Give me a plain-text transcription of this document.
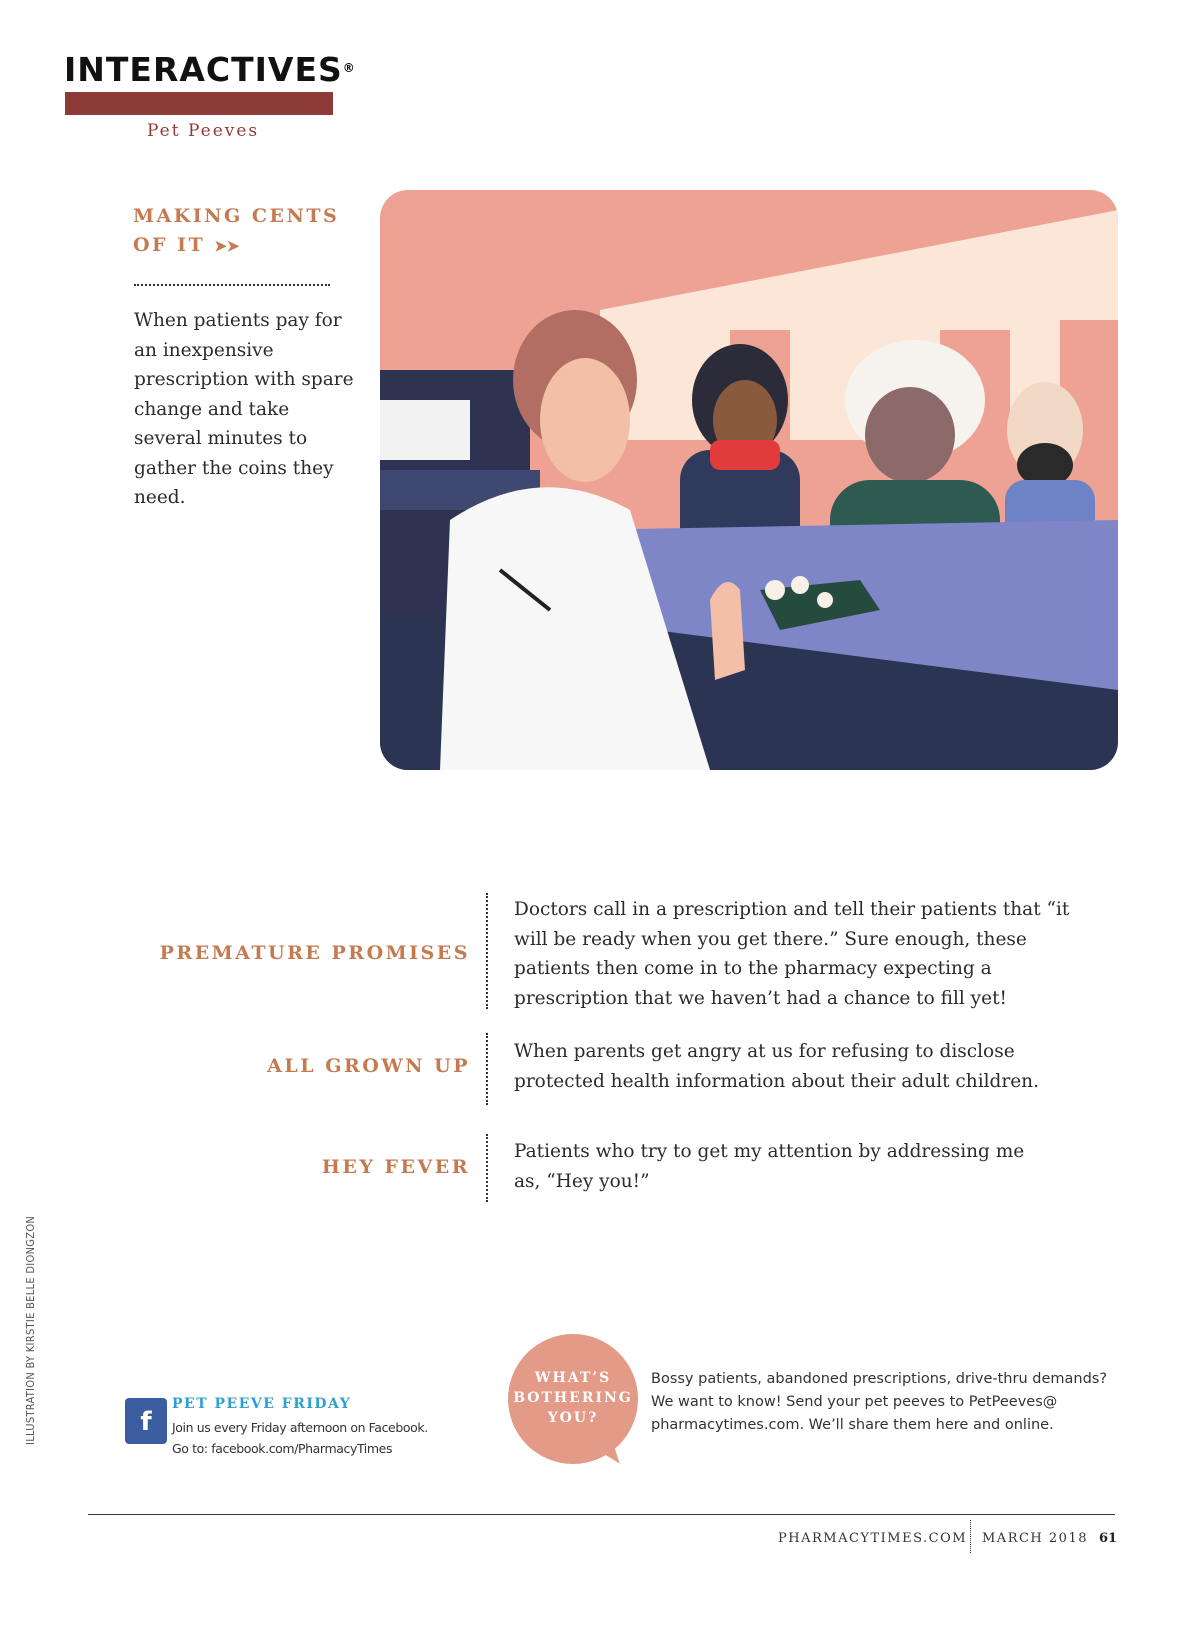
INTERACTIVES®
Pet Peeves
MAKING CENTS OF IT ➤➤
When patients pay for an inexpensive prescription with spare change and take several minutes to gather the coins they need.
PREMATURE PROMISES
Doctors call in a prescription and tell their patients that “it will be ready when you get there.” Sure enough, these patients then come in to the pharmacy expecting a prescription that we haven’t had a chance to fill yet!
ALL GROWN UP
When parents get angry at us for refusing to disclose protected health information about their adult children.
HEY FEVER
Patients who try to get my attention by addressing me as, “Hey you!”
ILLUSTRATION BY KIRSTIE BELLE DIONGZON	f
PET PEEVE FRIDAY
Join us every Friday afternoon on Facebook.
Go to: facebook.com/PharmacyTimes
WHAT’S
BOTHERING
YOU?
Bossy patients, abandoned prescriptions, drive-thru demands? We want to know! Send your pet peeves to PetPeeves@ pharmacytimes.com. We’ll share them here and online.
PHARMACYTIMES.COM MARCH 2018 61
